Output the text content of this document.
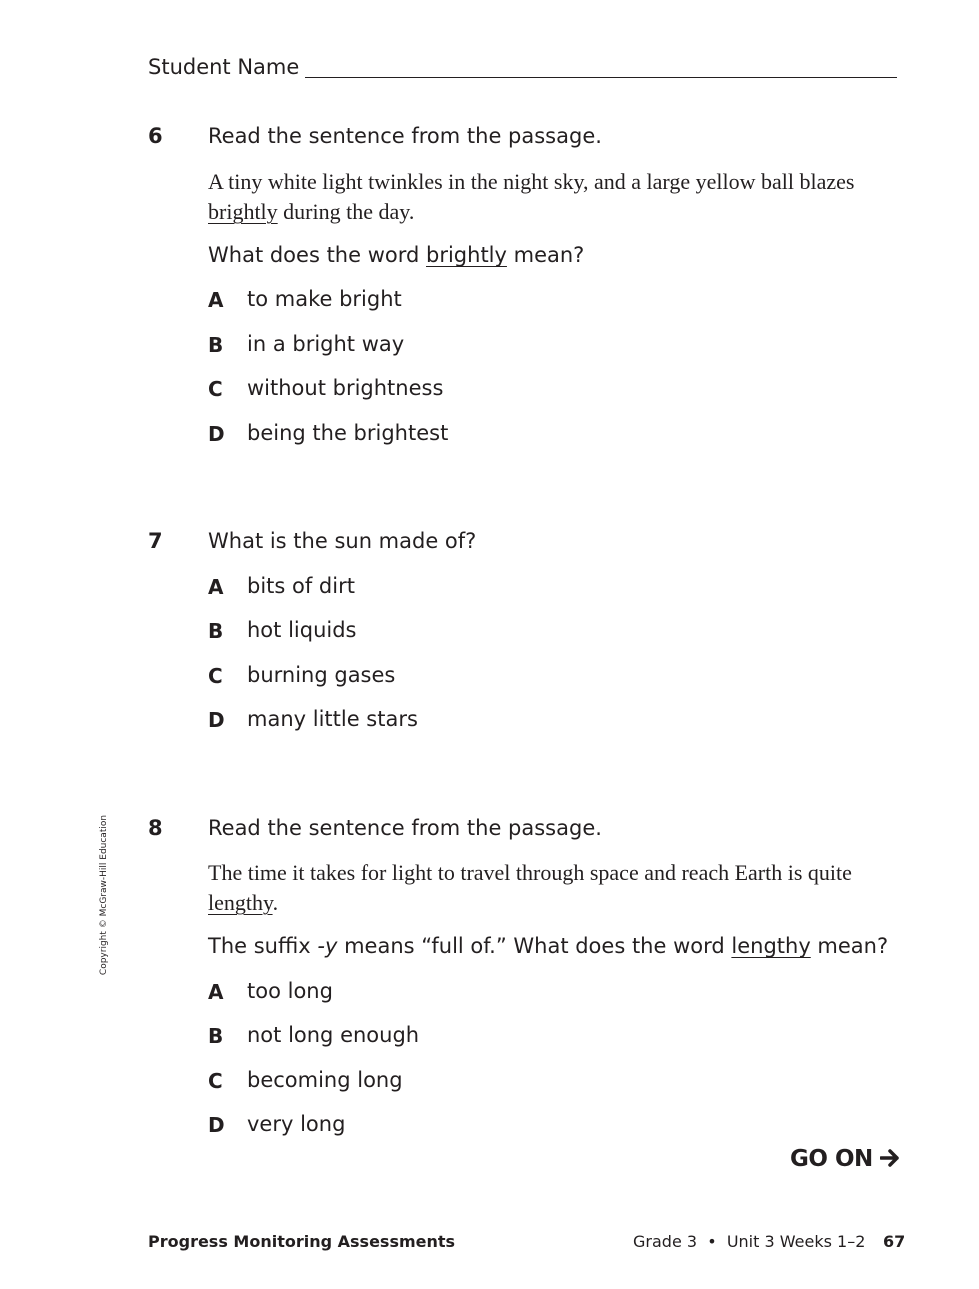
Student Name
6 Read the sentence from the passage.
A tiny white light twinkles in the night sky, and a large yellow ball blazes brightly during the day.
What does the word brightly mean?
A to make bright
B in a bright way
C without brightness
D being the brightest
7 What is the sun made of?
A bits of dirt
B hot liquids
C burning gases
D many little stars
Copyright © McGraw-Hill Education 8 Read the sentence from the passage.
The time it takes for light to travel through space and reach Earth is quite lengthy.
The suffix -y means “full of.” What does the word lengthy mean?
A too long
B not long enough
C becoming long
D very long
GO ON
Progress Monitoring Assessments	Grade 3  •  Unit 3 Weeks 1–2 67
